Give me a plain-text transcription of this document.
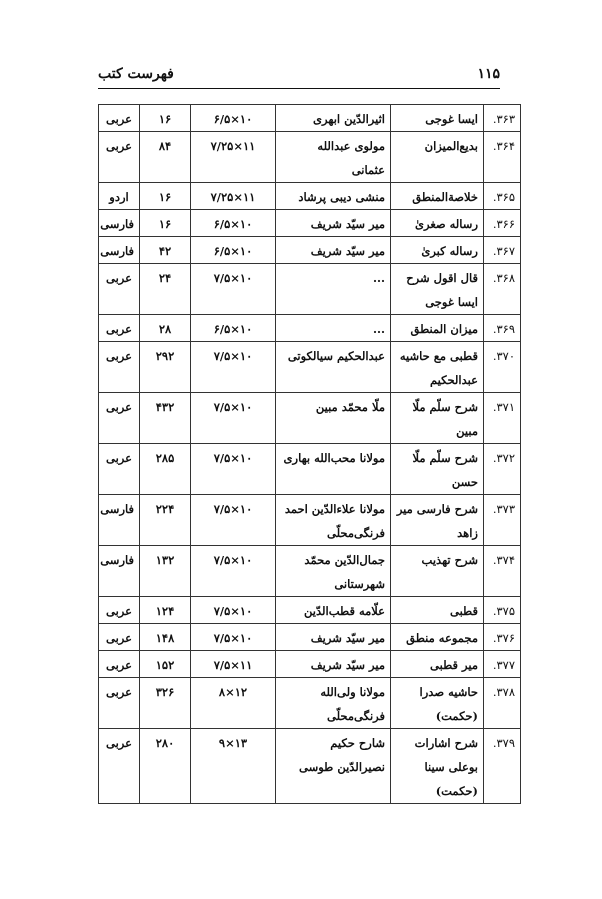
۱۱۵
فهرست کتب
۳۶۳.	ایسا غوجی	اثیرالدّین ابهری	۱۰×۶/۵	۱۶	عربی
۳۶۴.	بدیع‌المیزان	مولوی عبدالله عثمانی	۱۱×۷/۲۵	۸۴	عربی
۳۶۵.	خلاصة‌المنطق	منشی دیبی پرشاد	۱۱×۷/۲۵	۱۶	اردو
۳۶۶.	رساله صغریٰ	میر سیّد شریف	۱۰×۶/۵	۱۶	فارسی
۳۶۷.	رساله کبریٰ	میر سیّد شریف	۱۰×۶/۵	۴۲	فارسی
۳۶۸.	قال اقول شرح ایسا غوجی	...	۱۰×۷/۵	۲۴	عربی
۳۶۹.	میزان المنطق	...	۱۰×۶/۵	۲۸	عربی
۳۷۰.	قطبی مع حاشیه عبدالحکیم	عبدالحکیم سیالکوتی	۱۰×۷/۵	۲۹۲	عربی
۳۷۱.	شرح سلّم ملّا مبین	ملّا محمّد مبین	۱۰×۷/۵	۴۳۲	عربی
۳۷۲.	شرح سلّم ملّا حسن	مولانا محب‌الله بهاری	۱۰×۷/۵	۲۸۵	عربی
۳۷۳.	شرح فارسی میر زاهد	مولانا علاءالدّین احمد فرنگی‌محلّی	۱۰×۷/۵	۲۲۴	فارسی
۳۷۴.	شرح تهذیب	جمال‌الدّین محمّد شهرستانی	۱۰×۷/۵	۱۳۲	فارسی
۳۷۵.	قطبی	علّامه قطب‌الدّین	۱۰×۷/۵	۱۲۴	عربی
۳۷۶.	مجموعه منطق	میر سیّد شریف	۱۰×۷/۵	۱۴۸	عربی
۳۷۷.	میر قطبی	میر سیّد شریف	۱۱×۷/۵	۱۵۲	عربی
۳۷۸.	حاشیه صدرا (حکمت)	مولانا ولی‌الله فرنگی‌محلّی	۱۲×۸	۳۲۶	عربی
۳۷۹.	شرح اشارات بوعلی سینا (حکمت)	شارح حکیم نصیرالدّین طوسی	۱۳×۹	۲۸۰	عربی
